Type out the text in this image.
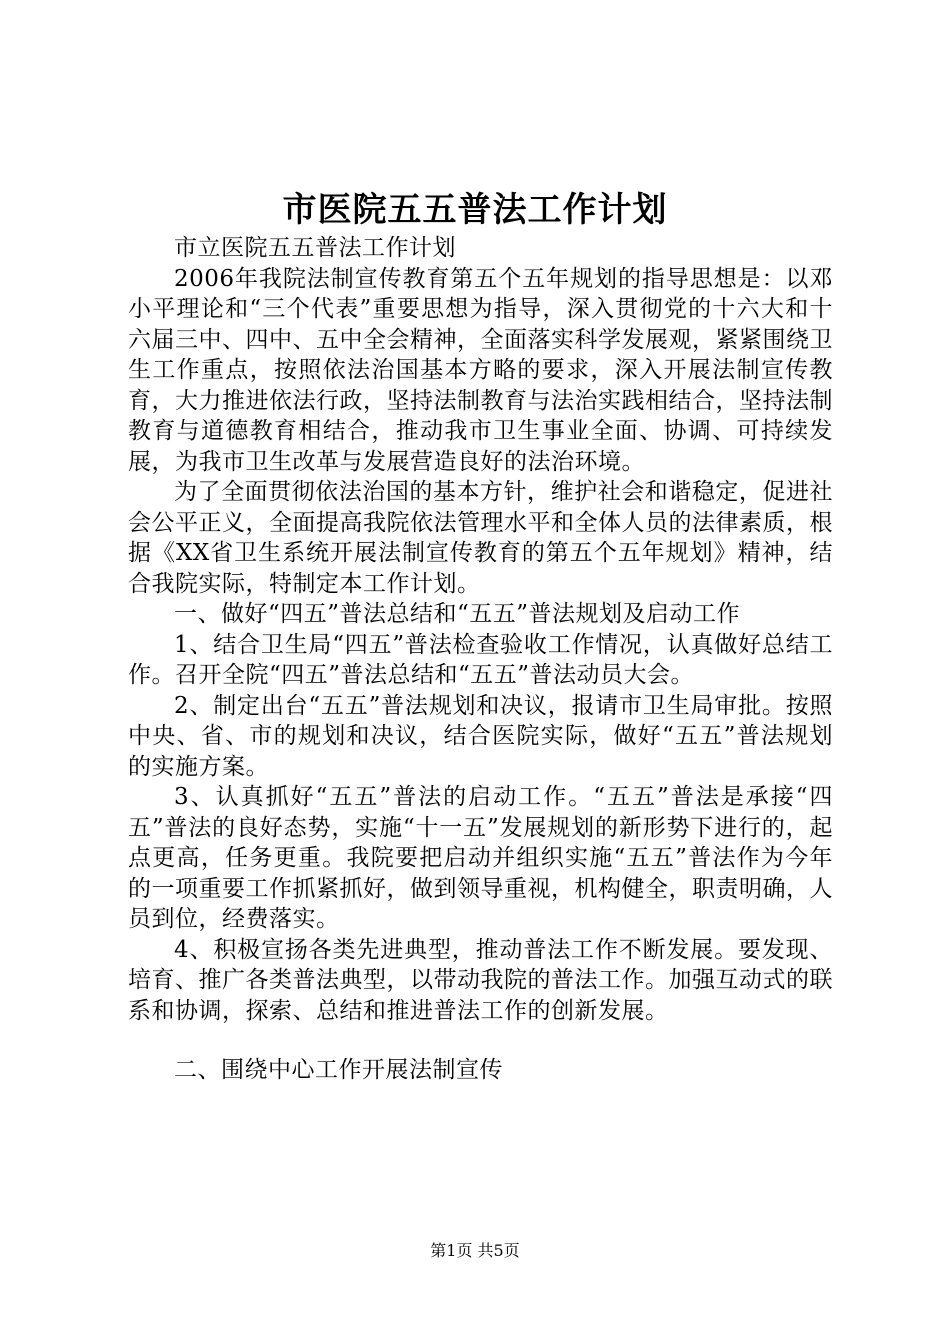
市医院五五普法工作计划

市立医院五五普法工作计划

2006年我院法制宣传教育第五个五年规划的指导思想是：以邓小平理论和“三个代表”重要思想为指导，深入贯彻党的十六大和十六届三中、四中、五中全会精神，全面落实科学发展观，紧紧围绕卫生工作重点，按照依法治国基本方略的要求，深入开展法制宣传教育，大力推进依法行政，坚持法制教育与法治实践相结合，坚持法制教育与道德教育相结合，推动我市卫生事业全面、协调、可持续发展，为我市卫生改革与发展营造良好的法治环境。

为了全面贯彻依法治国的基本方针，维护社会和谐稳定，促进社会公平正义，全面提高我院依法管理水平和全体人员的法律素质，根据《XX省卫生系统开展法制宣传教育的第五个五年规划》精神，结合我院实际，特制定本工作计划。

一、做好“四五”普法总结和“五五”普法规划及启动工作

1、结合卫生局“四五”普法检查验收工作情况，认真做好总结工作。召开全院“四五”普法总结和“五五”普法动员大会。

2、制定出台“五五”普法规划和决议，报请市卫生局审批。按照中央、省、市的规划和决议，结合医院实际，做好“五五”普法规划的实施方案。

3、认真抓好“五五”普法的启动工作。“五五”普法是承接“四五”普法的良好态势，实施“十一五”发展规划的新形势下进行的，起点更高，任务更重。我院要把启动并组织实施“五五”普法作为今年的一项重要工作抓紧抓好，做到领导重视，机构健全，职责明确，人员到位，经费落实。

4、积极宣扬各类先进典型，推动普法工作不断发展。要发现、培育、推广各类普法典型，以带动我院的普法工作。加强互动式的联系和协调，探索、总结和推进普法工作的创新发展。

二、围绕中心工作开展法制宣传

第1页 共5页
